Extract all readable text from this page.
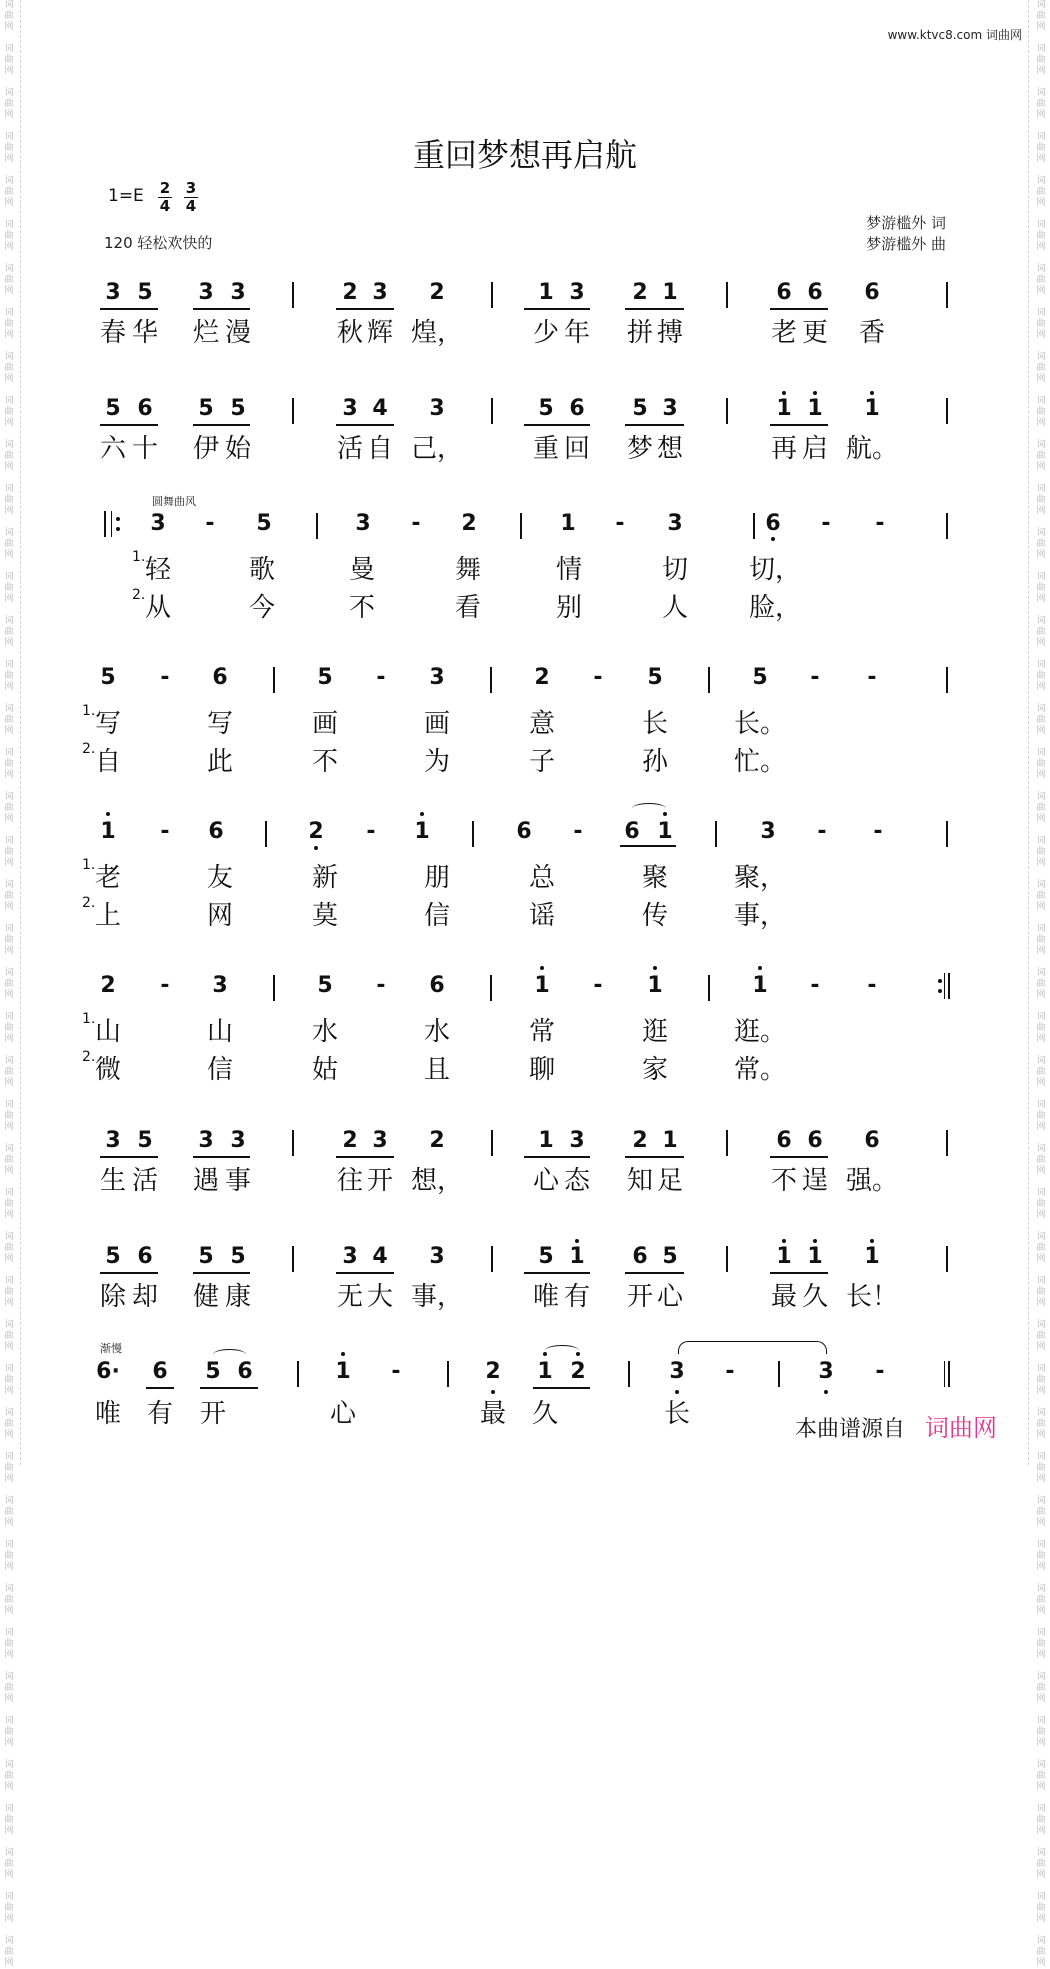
词
曲
网

词
曲
网

词
曲
网

词
曲
网

词
曲
网

词
曲
网

词
曲
网

词
曲
网

词
曲
网

词
曲
网

词
曲
网

词
曲
网

词
曲
网

词
曲
网

词
曲
网

词
曲
网

词
曲
网

词
曲
网

词
曲
网

词
曲
网

词
曲
网

词
曲
网

词
曲
网

词
曲
网

词
曲
网

词
曲
网

词
曲
网

词
曲
网

词
曲
网

词
曲
网

词
曲
网

词
曲
网

词
曲
网

词
曲
网

词
曲
网

词
曲
网

词
曲
网

词
曲
网

词
曲
网

词
曲
网

词
曲
网

词
曲
网

词
曲
网

词
曲
网

词
曲
网

词
曲
网

词
曲
网

词
曲
网

词
曲
网

词
曲
网

词
曲
网

词
曲
网

词
曲
网

词
曲
网

词
曲
网

词
曲
网

词
曲
网

词
曲
网

词
曲
网

词
曲
网

词
曲
网

词
曲
网

词
曲
网

词
曲
网

词
曲
网

词
曲
网

词
曲
网

词
曲
网

词
曲
网

词
曲
网

词
曲
网

词
曲
网

词
曲
网

词
曲
网

词
曲
网

词
曲
网

词
曲
网

词
曲
网

词
曲
网

词
曲
网

词
曲
网

词
曲
网

词
曲
网

词
曲
网

词
曲
网

词
曲
网

词
曲
网

词
曲
网

词
曲
网

词
曲
网

www.ktvc8.com 词曲网
重回梦想再启航
1=E 2
4
3
4
120 轻松欢快的
梦游槛外 词
梦游槛外 曲
圆舞曲风
渐慢
3 5 3 3	2 3 2	1 3 2 1	6 6 6
春 华 烂 漫	秋 辉 煌，	少 年 拼 搏	老 更 香
5 6 5 5	3 4 3	5 6 5 3	1 1 1
六 十 伊 始	活 自 己，	重 回 梦 想	再 启 航。
3 5 3 3	2 3 2	1 3 2 1	6 6 6
生 活 遇 事	往 开 想，	心 态 知 足	不 逞 强。
5 6 5 5	3 4 3	5 1 6 5	1 1 1
除 却 健 康	无 大 事，	唯 有 开 心	最 久 长！
3 - 5	3 - 2	1 - 3	6 - -
1. 轻	歌	曼	舞	情	切 切，
2. 从	今	不	看	别	人 脸，
5 - 6	5 - 3	2 - 5	5 - -
1. 写	写	画	画	意	长	长。
2. 自	此	不	为	子	孙	忙。
1 - 6	2 - 1	6 - 6 1	3 - -
1. 老	友	新	朋	总	聚	聚，
2. 上	网	莫	信	谣	传	事，
2 - 3	5 - 6	1 - 1	1 - -
1. 山	山	水	水	常	逛	逛。
2. 微	信	姑	且	聊	家	常。
6· 6 5 6	1 -	2 1 2	3 -	3 -
唯 有 开	心	最 久	长
本曲谱源自 词曲网
